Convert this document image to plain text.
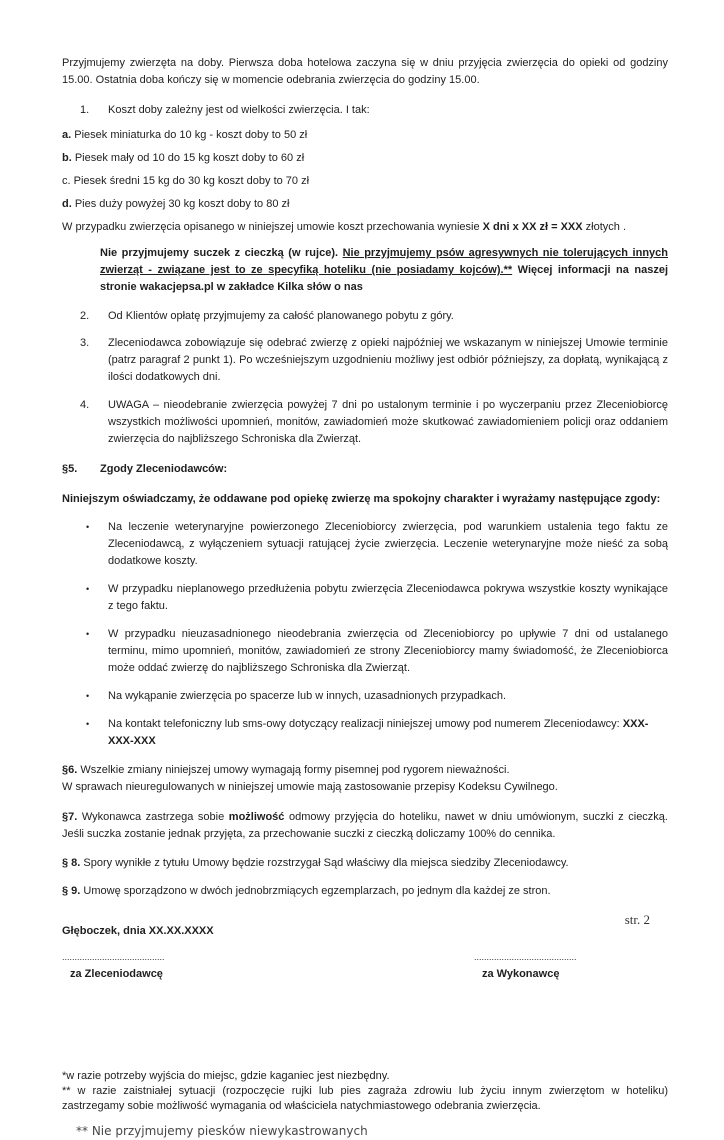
Przyjmujemy zwierzęta na doby. Pierwsza doba hotelowa zaczyna się w dniu przyjęcia zwierzęcia do opieki od godziny 15.00. Ostatnia doba kończy się w momencie odebrania zwierzęcia do godziny 15.00.

1.	Koszt doby zależny jest od wielkości zwierzęcia. I tak:

a. Piesek miniaturka do 10 kg - koszt doby to 50 zł

b. Piesek mały od 10 do 15 kg koszt doby to 60 zł

c. Piesek średni 15 kg do 30 kg koszt doby to 70 zł

d. Pies duży powyżej 30 kg koszt doby to 80 zł

W przypadku zwierzęcia opisanego w niniejszej umowie koszt przechowania wyniesie X dni x XX zł = XXX złotych .

Nie przyjmujemy suczek z cieczką (w rujce). Nie przyjmujemy psów agresywnych nie tolerujących innych zwierząt - związane jest to ze specyfiką hoteliku (nie posiadamy kojców).** Więcej informacji na naszej stronie wakacjepsa.pl w zakładce Kilka słów o nas

2.	Od Klientów opłatę przyjmujemy za całość planowanego pobytu z góry.
3.	Zleceniodawca zobowiązuje się odebrać zwierzę z opieki najpóźniej we wskazanym w niniejszej Umowie terminie (patrz paragraf 2 punkt 1). Po wcześniejszym uzgodnieniu możliwy jest odbiór późniejszy, za dopłatą, wynikającą z ilości dodatkowych dni.
4.	UWAGA – nieodebranie zwierzęcia powyżej 7 dni po ustalonym terminie i po wyczerpaniu przez Zleceniobiorcę wszystkich możliwości upomnień, monitów, zawiadomień może skutkować zawiadomieniem policji oraz oddaniem zwierzęcia do najbliższego Schroniska dla Zwierząt.
§5.	Zgody Zleceniodawców:

Niniejszym oświadczamy, że oddawane pod opiekę zwierzę ma spokojny charakter i wyrażamy następujące zgody:

•	Na leczenie weterynaryjne powierzonego Zleceniobiorcy zwierzęcia, pod warunkiem ustalenia tego faktu ze Zleceniodawcą, z wyłączeniem sytuacji ratującej życie zwierzęcia. Leczenie weterynaryjne może nieść za sobą dodatkowe koszty.
•	W przypadku nieplanowego przedłużenia pobytu zwierzęcia Zleceniodawca pokrywa wszystkie koszty wynikające z tego faktu.
•	W przypadku nieuzasadnionego nieodebrania zwierzęcia od Zleceniobiorcy po upływie 7 dni od ustalanego terminu, mimo upomnień, monitów, zawiadomień ze strony Zleceniobiorcy mamy świadomość, że Zleceniobiorca może oddać zwierzę do najbliższego Schroniska dla Zwierząt.
•	Na wykąpanie zwierzęcia po spacerze lub w innych, uzasadnionych przypadkach.
•	Na kontakt telefoniczny lub sms-owy dotyczący realizacji niniejszej umowy pod numerem Zleceniodawcy: XXX-XXX-XXX

§6. Wszelkie zmiany niniejszej umowy wymagają formy pisemnej pod rygorem nieważności.

W sprawach nieuregulowanych w niniejszej umowie mają zastosowanie przepisy Kodeksu Cywilnego.

§7. Wykonawca zastrzega sobie możliwość odmowy przyjęcia do hoteliku, nawet w dniu umówionym, suczki z cieczką. Jeśli suczka zostanie jednak przyjęta, za przechowanie suczki z cieczką doliczamy 100% do cennika.

§ 8. Spory wynikłe z tytułu Umowy będzie rozstrzygał Sąd właściwy dla miejsca siedziby Zleceniodawcy.

§ 9. Umowę sporządzono w dwóch jednobrzmiących egzemplarzach, po jednym dla każdej ze stron.

Głęboczek, dnia XX.XX.XXXX

.........................................
za Zleceniodawcę
.........................................
za Wykonawcę

*w razie potrzeby wyjścia do miejsc, gdzie kaganiec jest niezbędny.

** w razie zaistniałej sytuacji (rozpoczęcie rujki lub pies zagraża zdrowiu lub życiu innym zwierzętom w hoteliku) zastrzegamy sobie możliwość wymagania od właściciela natychmiastowego odebrania zwierzęcia.

** Nie przyjmujemy piesków niewykastrowanych

str. 2
